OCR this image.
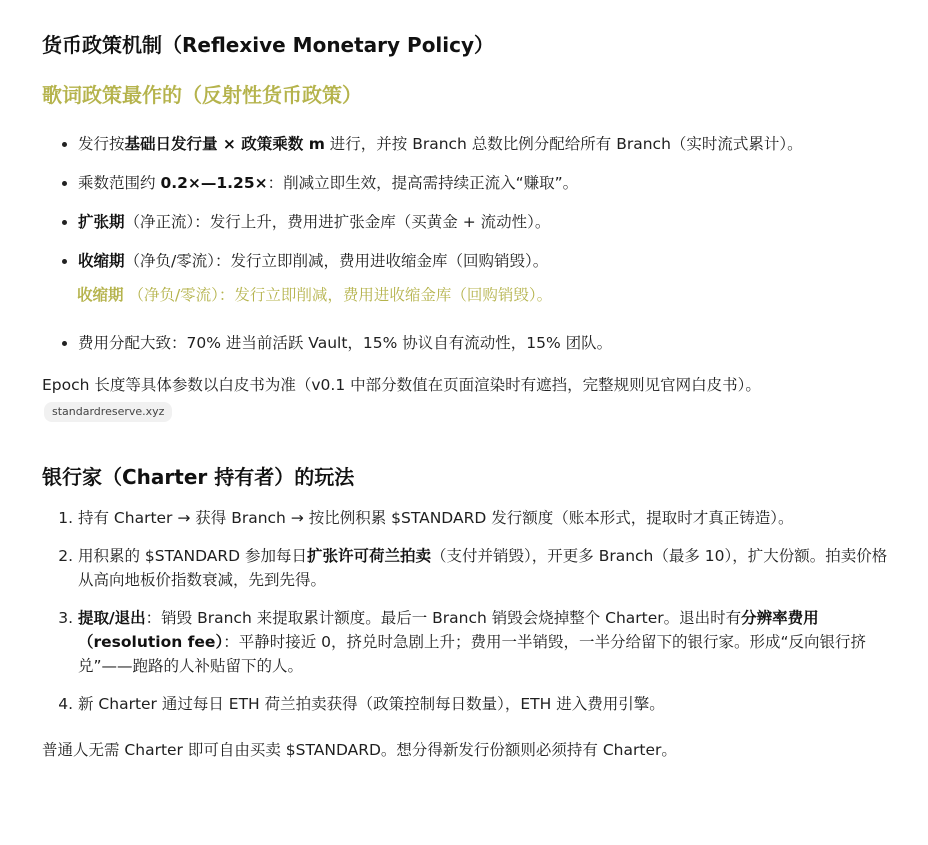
货币政策机制（Reflexive Monetary Policy）
歌词政策最作的（反射性货币政策）
• 发行按基础日发行量 × 政策乘数 m 进行，并按 Branch 总数比例分配给所有 Branch（实时流式累计）。
• 乘数范围约 0.2×—1.25×：削减立即生效，提高需持续正流入“赚取”。
• 扩张期（净正流）：发行上升，费用进扩张金库（买黄金 + 流动性）。
• 收缩期（净负/零流）：发行立即削减，费用进收缩金库（回购销毁）。
收缩期 （净负/零流）：发行立即削减，费用进收缩金库（回购销毁）。
• 费用分配大致：70% 进当前活跃 Vault，15% 协议自有流动性，15% 团队。

Epoch 长度等具体参数以白皮书为准（v0.1 中部分数值在页面渲染时有遮挡，完整规则见官网白皮书）。

standardreserve.xyz
银行家（Charter 持有者）的玩法
1. 持有 Charter → 获得 Branch → 按比例积累 $STANDARD 发行额度（账本形式，提取时才真正铸造）。
2. 用积累的 $STANDARD 参加每日扩张许可荷兰拍卖（支付并销毁），开更多 Branch（最多 10），扩大份额。拍卖价格从高向地板价指数衰减，先到先得。
3. 提取/退出：销毁 Branch 来提取累计额度。最后一 Branch 销毁会烧掉整个 Charter。退出时有分辨率费用（resolution fee）：平静时接近 0，挤兑时急剧上升；费用一半销毁，一半分给留下的银行家。形成“反向银行挤兑”——跑路的人补贴留下的人。
4. 新 Charter 通过每日 ETH 荷兰拍卖获得（政策控制每日数量），ETH 进入费用引擎。

普通人无需 Charter 即可自由买卖 $STANDARD。想分得新发行份额则必须持有 Charter。
